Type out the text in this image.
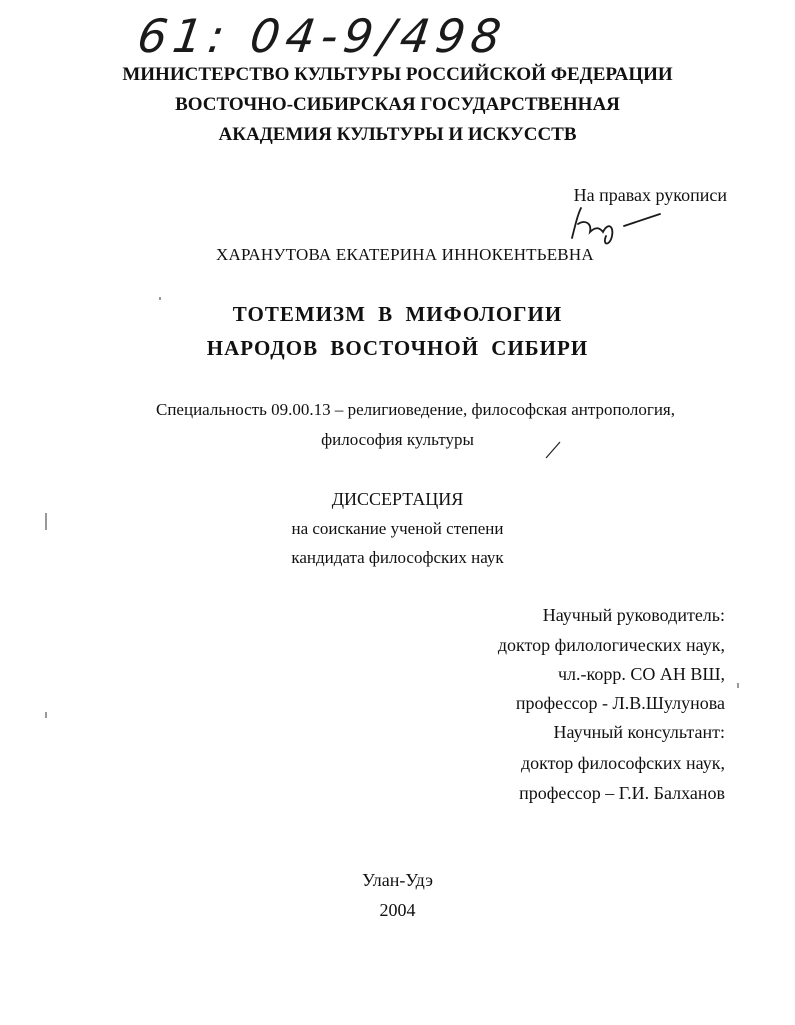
61: 04-9/498
МИНИСТЕРСТВО КУЛЬТУРЫ РОССИЙСКОЙ ФЕДЕРАЦИИ
ВОСТОЧНО-СИБИРСКАЯ ГОСУДАРСТВЕННАЯ
АКАДЕМИЯ КУЛЬТУРЫ И ИСКУССТВ
На правах рукописи
ХАРАНУТОВА ЕКАТЕРИНА ИННОКЕНТЬЕВНА
ТОТЕМИЗМ В МИФОЛОГИИ
НАРОДОВ ВОСТОЧНОЙ СИБИРИ
Специальность 09.00.13 – религиоведение, философская антропология,
философия культуры
ДИССЕРТАЦИЯ
на соискание ученой степени
кандидата философских наук
Научный руководитель:
доктор филологических наук,
чл.-корр. СО АН ВШ,
профессор - Л.В.Шулунова
Научный консультант:
доктор философских наук,
профессор – Г.И. Балханов
Улан-Удэ
2004
